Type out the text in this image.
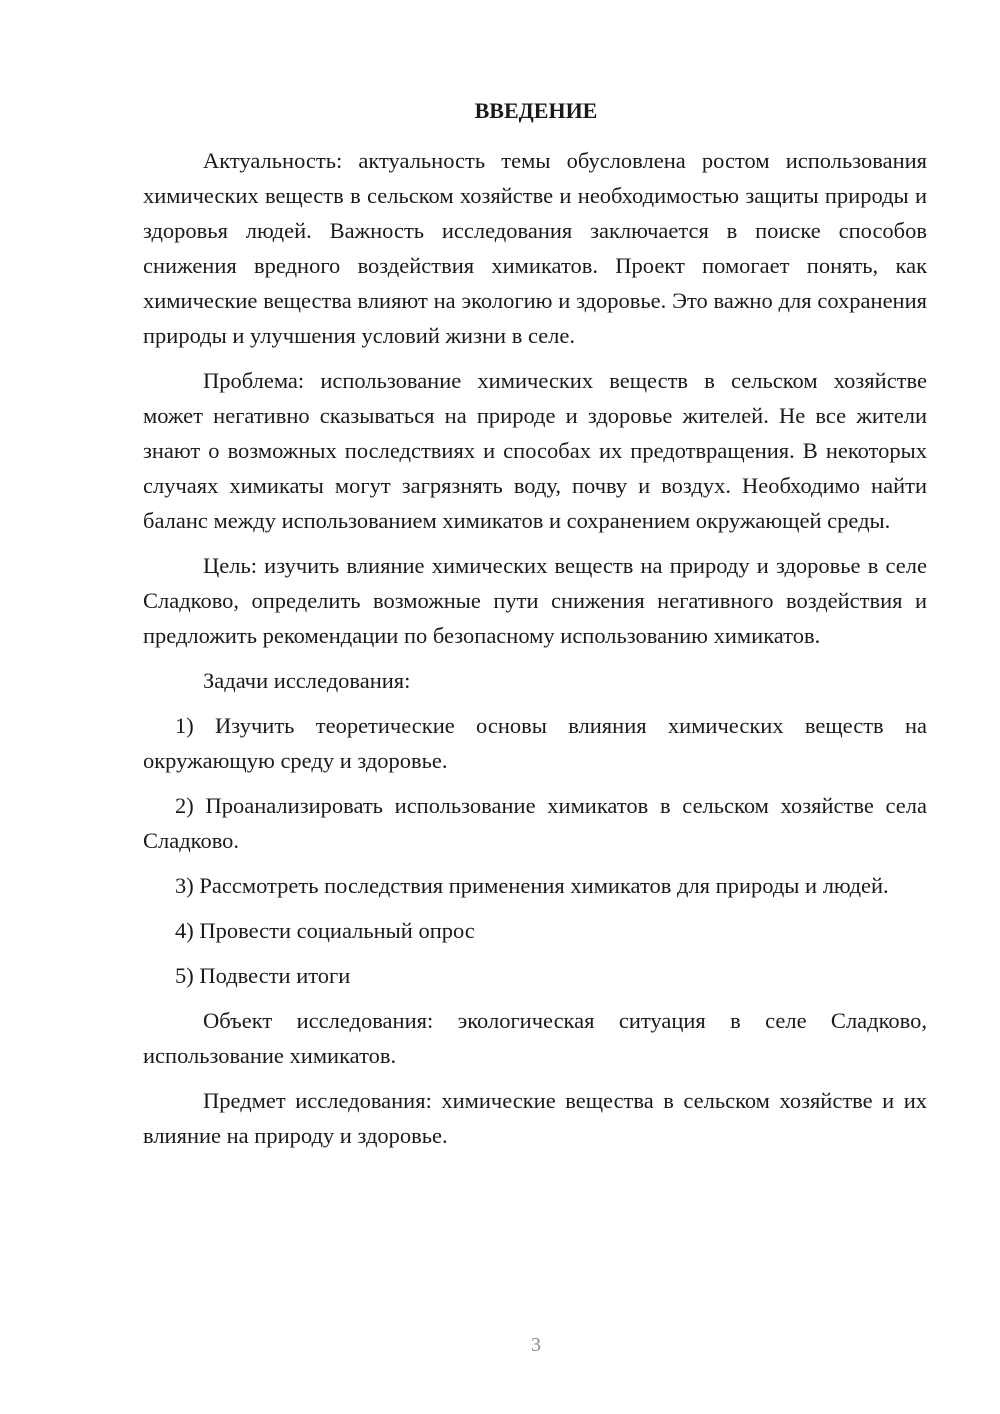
ВВЕДЕНИЕ

Актуальность: актуальность темы обусловлена ростом использования химических веществ в сельском хозяйстве и необходимостью защиты природы и здоровья людей. Важность исследования заключается в поиске способов снижения вредного воздействия химикатов. Проект помогает понять, как химические вещества влияют на экологию и здоровье. Это важно для сохранения природы и улучшения условий жизни в селе.

Проблема: использование химических веществ в сельском хозяйстве может негативно сказываться на природе и здоровье жителей. Не все жители знают о возможных последствиях и способах их предотвращения. В некоторых случаях химикаты могут загрязнять воду, почву и воздух. Необходимо найти баланс между использованием химикатов и сохранением окружающей среды.

Цель: изучить влияние химических веществ на природу и здоровье в селе Сладково, определить возможные пути снижения негативного воздействия и предложить рекомендации по безопасному использованию химикатов.

Задачи исследования:

1) Изучить теоретические основы влияния химических веществ на окружающую среду и здоровье.

2) Проанализировать использование химикатов в сельском хозяйстве села Сладково.

3) Рассмотреть последствия применения химикатов для природы и людей.

4) Провести социальный опрос

5) Подвести итоги

Объект исследования: экологическая ситуация в селе Сладково, использование химикатов.

Предмет исследования: химические вещества в сельском хозяйстве и их влияние на природу и здоровье.

3
